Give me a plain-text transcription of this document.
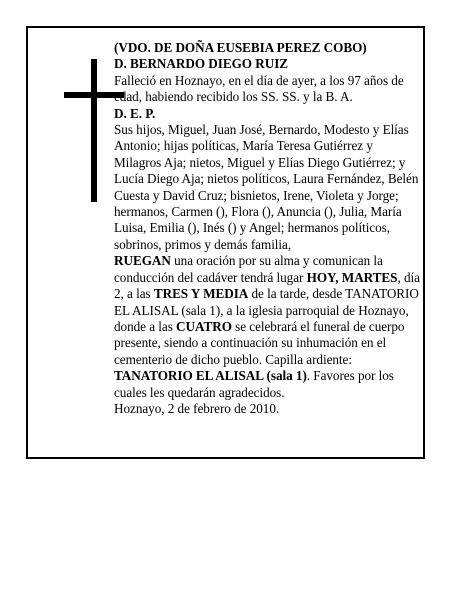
(VDO. DE DOÑA EUSEBIA PEREZ COBO)

D. BERNARDO DIEGO RUIZ

Falleció en Hoznayo, en el día de ayer, a los 97 años de edad, habiendo recibido los SS. SS. y la B. A.

D. E. P.

Sus hijos, Miguel, Juan José, Bernardo, Modesto y Elías Antonio; hijas políticas, María Teresa Gutiérrez y Milagros Aja; nietos, Miguel y Elías Diego Gutiérrez; y Lucía Diego Aja; nietos políticos, Laura Fernández, Belén Cuesta y David Cruz; bisnietos, Irene, Violeta y Jorge; hermanos, Carmen (), Flora (), Anuncia (), Julia, María Luisa, Emilia (), Inés () y Angel; hermanos políticos, sobrinos, primos y demás familia,

RUEGAN una oración por su alma y comunican la conducción del cadáver tendrá lugar HOY, MARTES, día 2, a las TRES Y MEDIA de la tarde, desde TANATORIO EL ALISAL (sala 1), a la iglesia parroquial de Hoznayo, donde a las CUATRO se celebrará el funeral de cuerpo presente, siendo a continuación su inhumación en el cementerio de dicho pueblo. Capilla ardiente: TANATORIO EL ALISAL (sala 1). Favores por los cuales les quedarán agradecidos.

Hoznayo, 2 de febrero de 2010.
